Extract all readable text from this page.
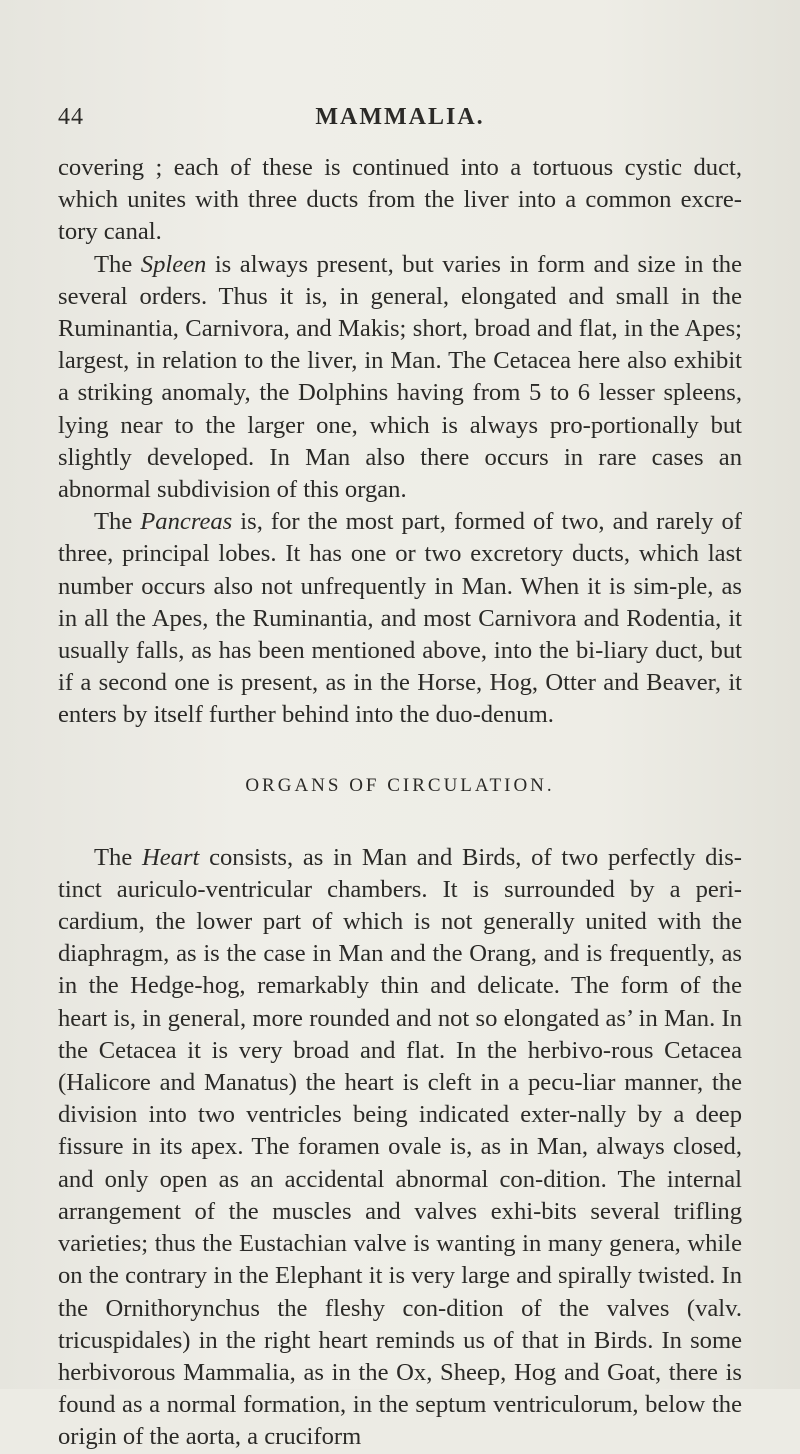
44	MAMMALIA.

covering ; each of these is continued into a tortuous cystic duct, which unites with three ducts from the liver into a common excre-tory canal.

The Spleen is always present, but varies in form and size in the several orders. Thus it is, in general, elongated and small in the Ruminantia, Carnivora, and Makis; short, broad and flat, in the Apes; largest, in relation to the liver, in Man. The Cetacea here also exhibit a striking anomaly, the Dolphins having from 5 to 6 lesser spleens, lying near to the larger one, which is always pro-portionally but slightly developed. In Man also there occurs in rare cases an abnormal subdivision of this organ.

The Pancreas is, for the most part, formed of two, and rarely of three, principal lobes. It has one or two excretory ducts, which last number occurs also not unfrequently in Man. When it is sim-ple, as in all the Apes, the Ruminantia, and most Carnivora and Rodentia, it usually falls, as has been mentioned above, into the bi-liary duct, but if a second one is present, as in the Horse, Hog, Otter and Beaver, it enters by itself further behind into the duo-denum.

ORGANS OF CIRCULATION.

The Heart consists, as in Man and Birds, of two perfectly dis-tinct auriculo-ventricular chambers. It is surrounded by a peri-cardium, the lower part of which is not generally united with the diaphragm, as is the case in Man and the Orang, and is frequently, as in the Hedge-hog, remarkably thin and delicate. The form of the heart is, in general, more rounded and not so elongated as’ in Man. In the Cetacea it is very broad and flat. In the herbivo-rous Cetacea (Halicore and Manatus) the heart is cleft in a pecu-liar manner, the division into two ventricles being indicated exter-nally by a deep fissure in its apex. The foramen ovale is, as in Man, always closed, and only open as an accidental abnormal con-dition. The internal arrangement of the muscles and valves exhi-bits several trifling varieties; thus the Eustachian valve is wanting in many genera, while on the contrary in the Elephant it is very large and spirally twisted. In the Ornithorynchus the fleshy con-dition of the valves (valv. tricuspidales) in the right heart reminds us of that in Birds. In some herbivorous Mammalia, as in the Ox, Sheep, Hog and Goat, there is found as a normal formation, in the septum ventriculorum, below the origin of the aorta, a cruciform
